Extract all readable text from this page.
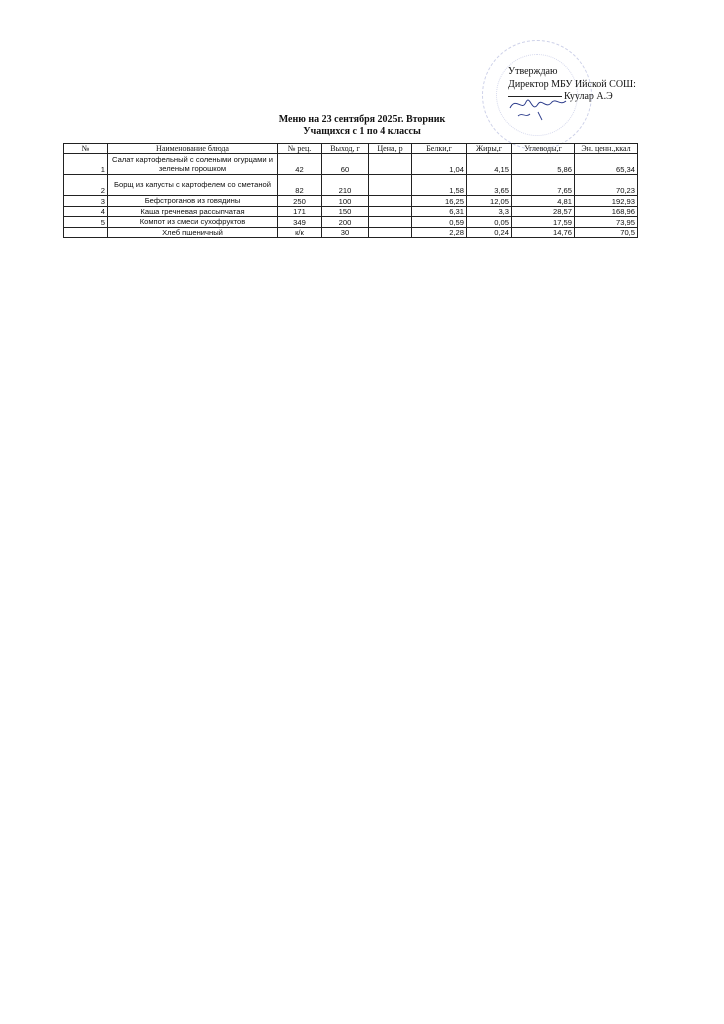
Утверждаю
Директор МБУ Ийской СОШ:
Куулар А.Э
Меню на 23 сентября 2025г. Вторник
Учащихся с 1 по 4 классы
№	Наименование блюда	№ рец.	Выход, г	Цена, р	Белки,г	Жиры,г	Углеводы,г	Эн. ценн.,ккал
1	Салат картофельный с солеными огурцами и зеленым горошком	42	60		1,04	4,15	5,86	65,34
2	Борщ из капусты с картофелем со сметаной	82	210		1,58	3,65	7,65	70,23
3	Бефстроганов из говядины	250	100		16,25	12,05	4,81	192,93
4	Каша гречневая рассыпчатая	171	150		6,31	3,3	28,57	168,96
5	Компот из смеси сухофруктов	349	200		0,59	0,05	17,59	73,95
	Хлеб пшеничный	к/к	30		2,28	0,24	14,76	70,5
